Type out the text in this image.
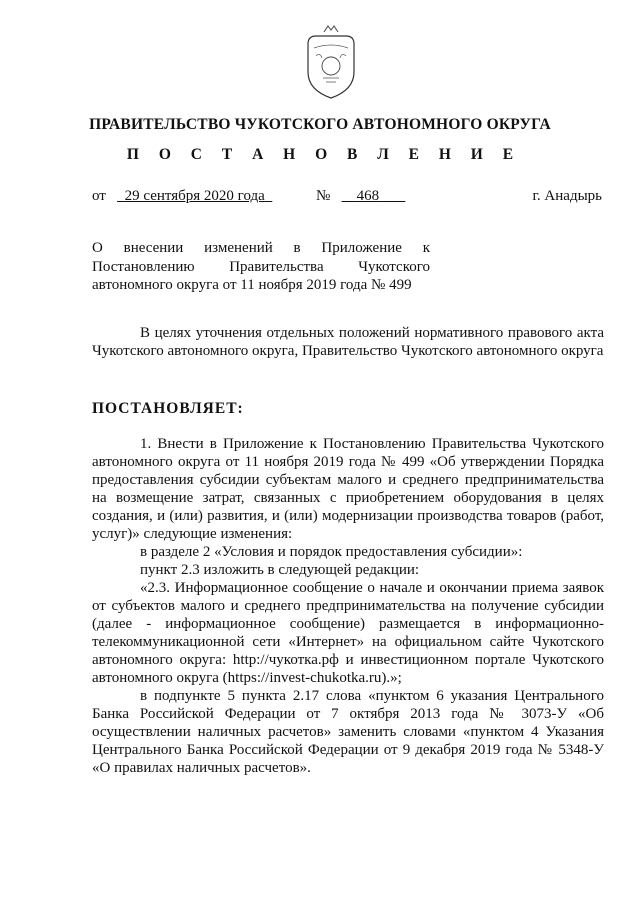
ПРАВИТЕЛЬСТВО ЧУКОТСКОГО АВТОНОМНОГО ОКРУГА
П О С Т А Н О В Л Е Н И Е
от 29 сентября 2020 года	№ 468	г. Анадырь

О внесении изменений в Приложение к Постановлению Правительства Чукотского автономного округа от 11 ноября 2019 года № 499

В целях уточнения отдельных положений нормативного правового акта Чукотского автономного округа, Правительство Чукотского автономного округа

ПОСТАНОВЛЯЕТ:

1. Внести в Приложение к Постановлению Правительства Чукотского автономного округа от 11 ноября 2019 года № 499 «Об утверждении Порядка предоставления субсидии субъектам малого и среднего предпринимательства на возмещение затрат, связанных с приобретением оборудования в целях создания, и (или) развития, и (или) модернизации производства товаров (работ, услуг)» следующие изменения:

в разделе 2 «Условия и порядок предоставления субсидии»:

пункт 2.3 изложить в следующей редакции:

«2.3. Информационное сообщение о начале и окончании приема заявок от субъектов малого и среднего предпринимательства на получение субсидии (далее - информационное сообщение) размещается в информационно-телекоммуникационной сети «Интернет» на официальном сайте Чукотского автономного округа: http://чукотка.рф и инвестиционном портале Чукотского автономного округа (https://invest-chukotka.ru).»;

в подпункте 5 пункта 2.17 слова «пунктом 6 указания Центрального Банка Российской Федерации от 7 октября 2013 года № 3073-У «Об осуществлении наличных расчетов» заменить словами «пунктом 4 Указания Центрального Банка Российской Федерации от 9 декабря 2019 года № 5348-У «О правилах наличных расчетов».
